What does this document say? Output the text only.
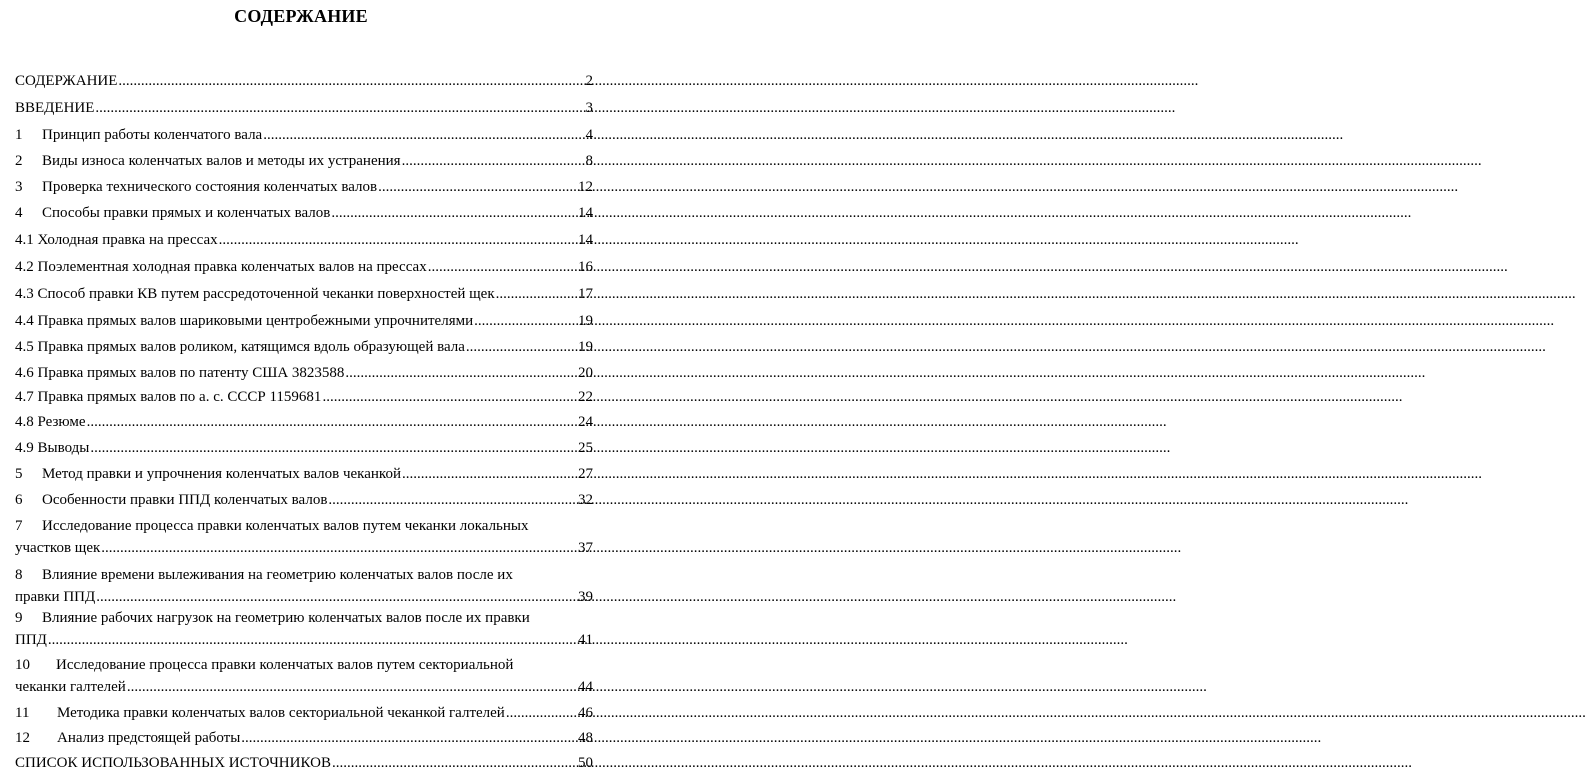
СОДЕРЖАНИЕ
СОДЕРЖАНИЕ .....	2
ВВЕДЕНИЕ .....	3
1	Принцип работы коленчатого вала .....	4
2	Виды износа коленчатых валов и методы их устранения .....	8
3	Проверка технического состояния коленчатых валов .....	12
4	Способы правки прямых и коленчатых валов .....	14
4.1 Холодная правка на прессах .....	14
4.2 Поэлементная холодная правка коленчатых валов на прессах .....	16
4.3 Способ правки КВ путем рассредоточенной чеканки поверхностей щек .....	17
4.4 Правка прямых валов шариковыми центробежными упрочнителями .....	19
4.5 Правка прямых валов роликом, катящимся вдоль образующей вала .....	19
4.6 Правка прямых валов по патенту США 3823588 .....	20
4.7 Правка прямых валов по а. с. СССР 1159681 .....	22
4.8 Резюме .....	24
4.9 Выводы .....	25
5	Метод правки и упрочнения коленчатых валов чеканкой .....	27
6	Особенности правки ППД коленчатых валов .....	32
7 Исследование процесса правки коленчатых валов путем чеканки локальных
участков щек .....	37
8 Влияние времени вылеживания на геометрию коленчатых валов после их
правки ППД .....	39
9 Влияние рабочих нагрузок на геометрию коленчатых валов после их правки
ППД .....	41
10 Исследование процесса правки коленчатых валов путем секториальной
чеканки галтелей .....	44
11	Методика правки коленчатых валов секториальной чеканкой галтелей .....	46
12	Анализ предстоящей работы .....	48
СПИСОК ИСПОЛЬЗОВАННЫХ ИСТОЧНИКОВ .....	50
